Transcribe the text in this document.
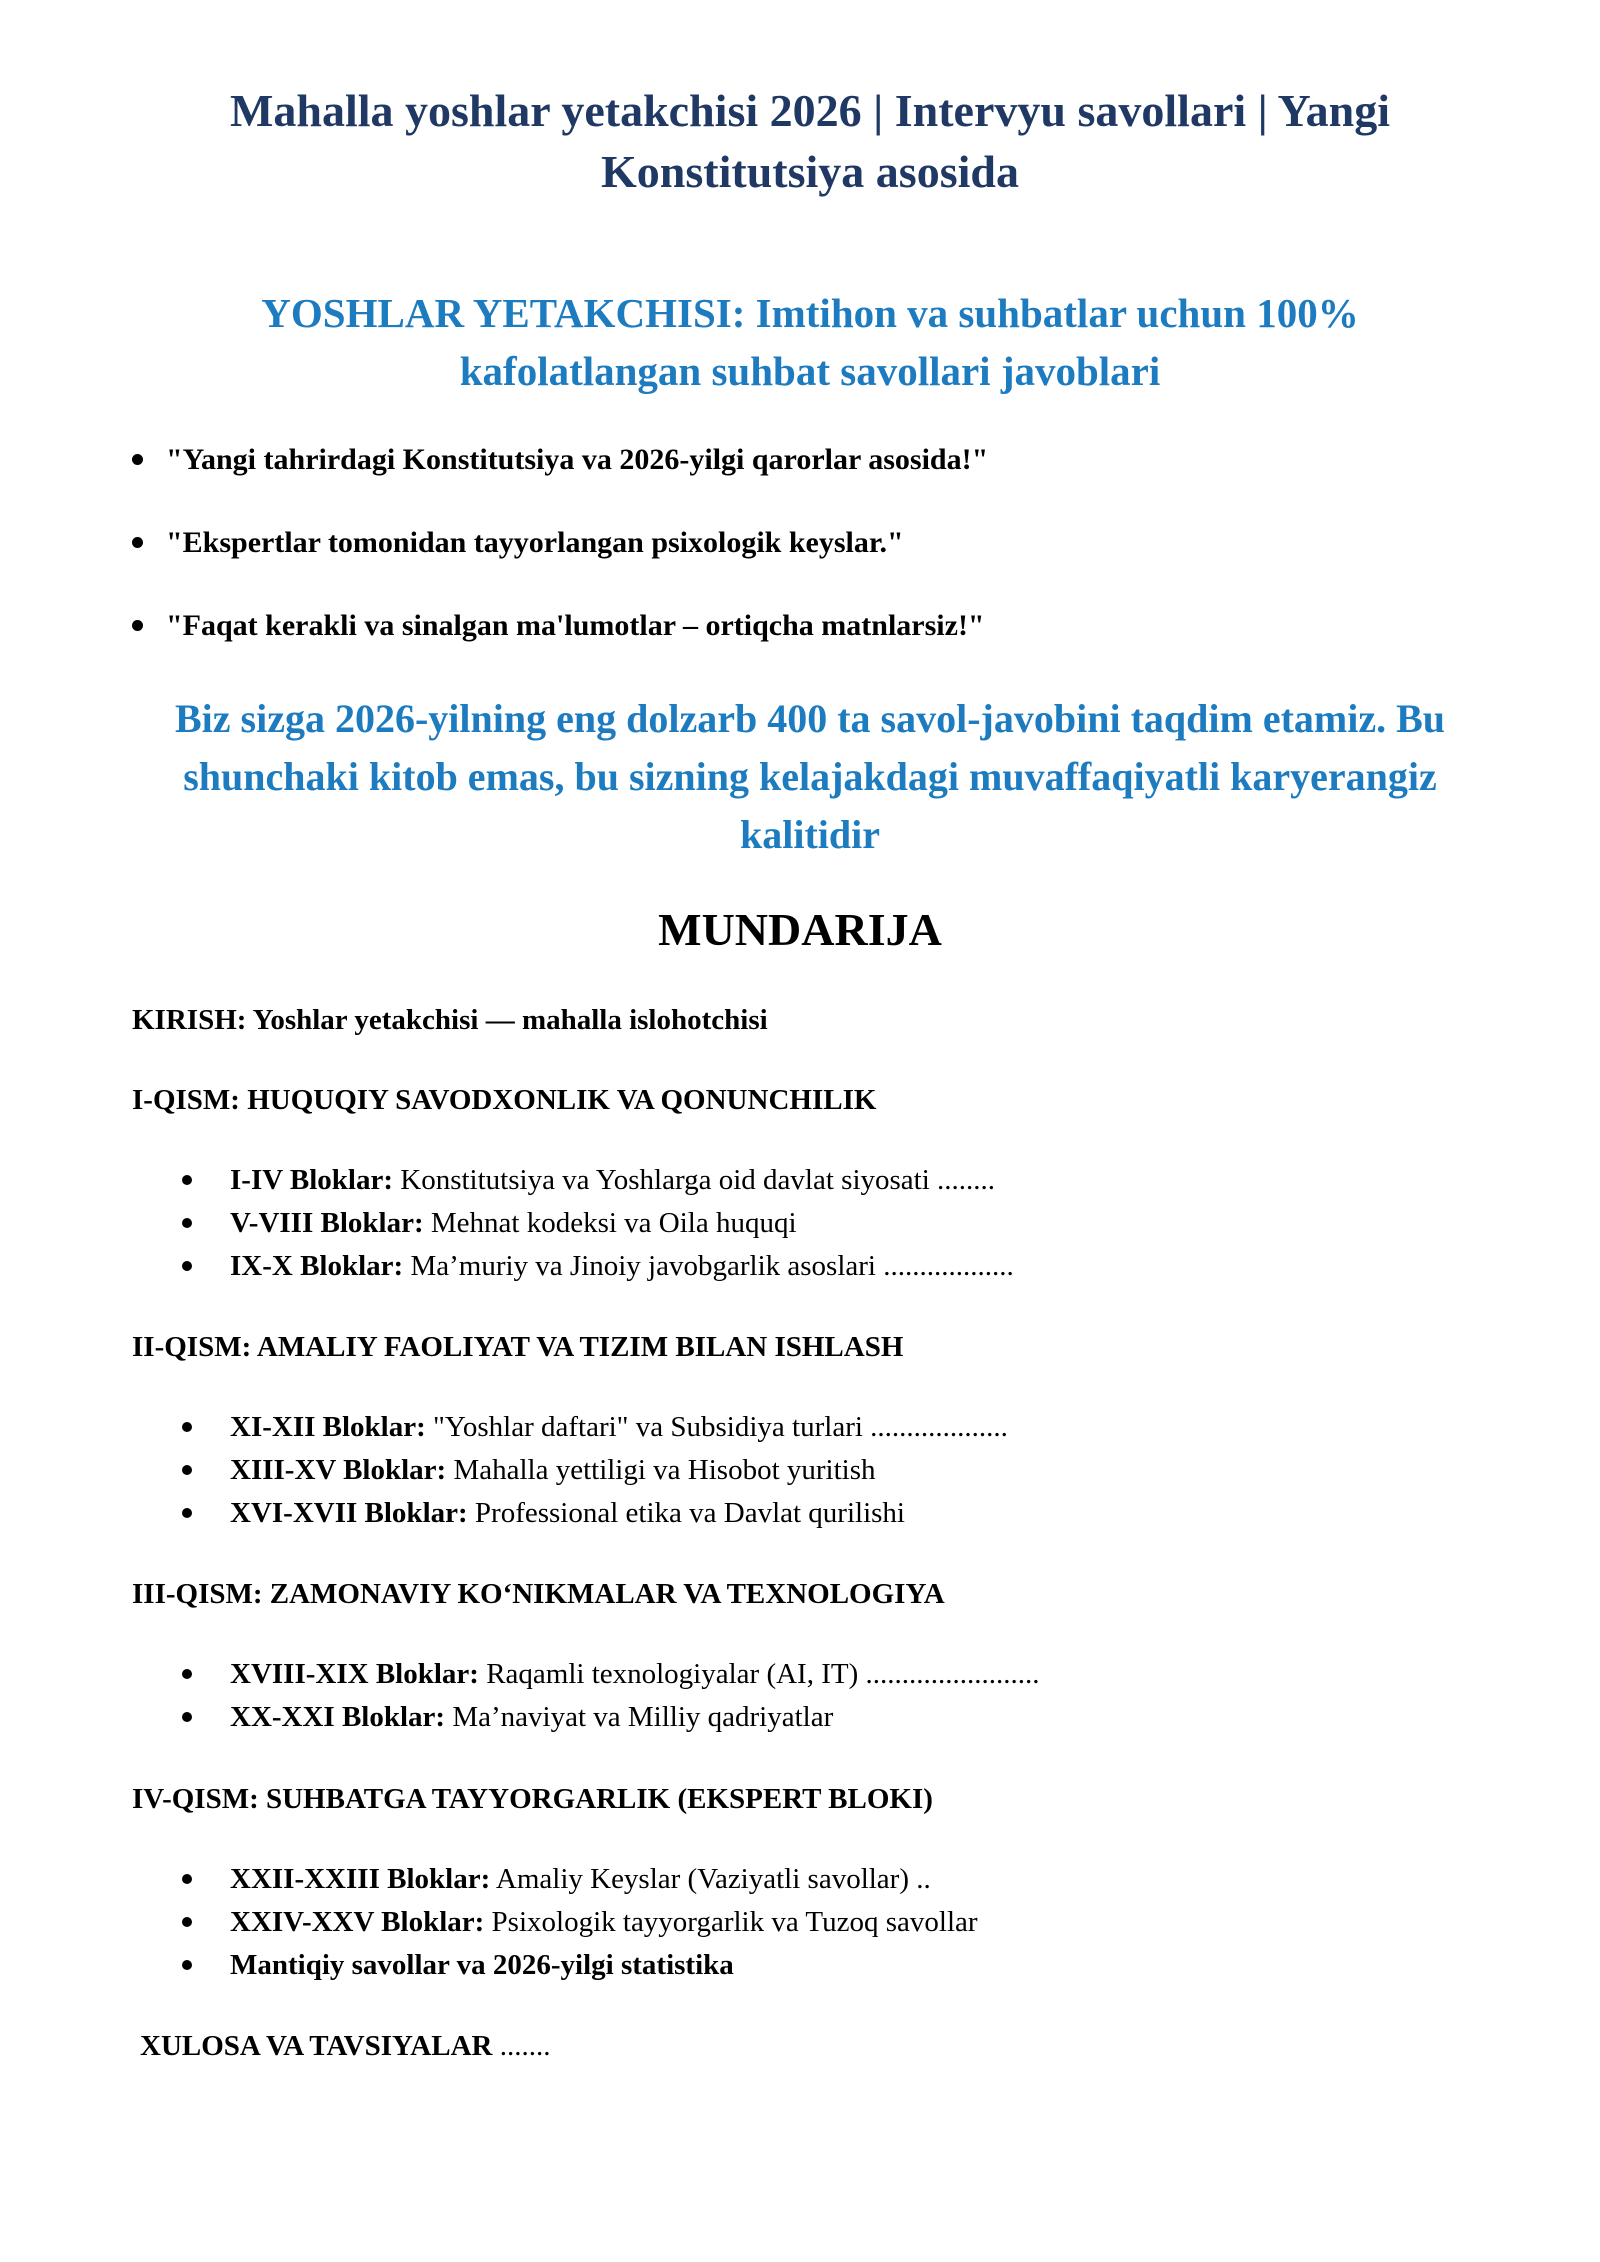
Mahalla yoshlar yetakchisi 2026 | Intervyu savollari | Yangi Konstitutsiya asosida
YOSHLAR YETAKCHISI: Imtihon va suhbatlar uchun 100% kafolatlangan suhbat savollari javoblari
"Yangi tahrirdagi Konstitutsiya va 2026-yilgi qarorlar asosida!"
"Ekspertlar tomonidan tayyorlangan psixologik keyslar."
"Faqat kerakli va sinalgan ma'lumotlar – ortiqcha matnlarsiz!"

Biz sizga 2026-yilning eng dolzarb 400 ta savol-javobini taqdim etamiz. Bu shunchaki kitob emas, bu sizning kelajakdagi muvaffaqiyatli karyerangiz kalitidir

MUNDARIJA
KIRISH: Yoshlar yetakchisi — mahalla islohotchisi
I-QISM: HUQUQIY SAVODXONLIK VA QONUNCHILIK
I-IV Bloklar: Konstitutsiya va Yoshlarga oid davlat siyosati ........
V-VIII Bloklar: Mehnat kodeksi va Oila huquqi
IX-X Bloklar: Ma’muriy va Jinoiy javobgarlik asoslari ..................
II-QISM: AMALIY FAOLIYAT VA TIZIM BILAN ISHLASH
XI-XII Bloklar: "Yoshlar daftari" va Subsidiya turlari ...................
XIII-XV Bloklar: Mahalla yettiligi va Hisobot yuritish
XVI-XVII Bloklar: Professional etika va Davlat qurilishi
III-QISM: ZAMONAVIY KO‘NIKMALAR VA TEXNOLOGIYA
XVIII-XIX Bloklar: Raqamli texnologiyalar (AI, IT) ........................
XX-XXI Bloklar: Ma’naviyat va Milliy qadriyatlar
IV-QISM: SUHBATGA TAYYORGARLIK (EKSPERT BLOKI)
XXII-XXIII Bloklar: Amaliy Keyslar (Vaziyatli savollar) ..
XXIV-XXV Bloklar: Psixologik tayyorgarlik va Tuzoq savollar
Mantiqiy savollar va 2026-yilgi statistika
XULOSA VA TAVSIYALAR .......
